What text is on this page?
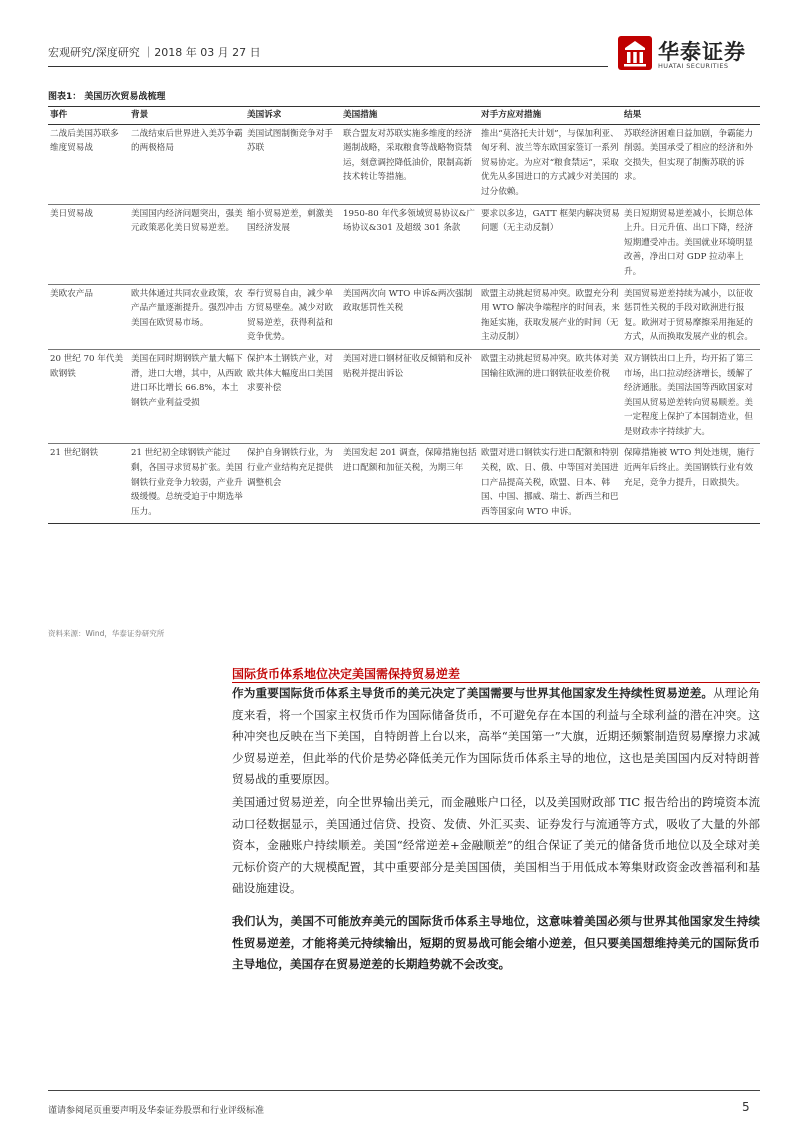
宏观研究/深度研究 ｜2018 年 03 月 27 日	华泰证券
HUATAI SECURITIES
图表1： 美国历次贸易战梳理
事件	背景	美国诉求	美国措施	对手方应对措施	结果
二战后美国苏联多维度贸易战	二战结束后世界进入美苏争霸的两极格局	美国试图制衡竞争对手苏联	联合盟友对苏联实施多维度的经济遏制战略，采取粮食等战略物资禁运，刻意调控降低油价，限制高新技术转让等措施。	推出“莫洛托夫计划”，与保加利亚、匈牙利、波兰等东欧国家签订一系列贸易协定。为应对“粮食禁运”，采取优先从多国进口的方式减少对美国的过分依赖。	苏联经济困难日益加剧，争霸能力削弱。美国承受了相应的经济和外交损失，但实现了制衡苏联的诉求。
美日贸易战	美国国内经济问题突出，强美元政策恶化美日贸易逆差。	缩小贸易逆差，刺激美国经济发展	1950-80 年代多领域贸易协议&广场协议&301 及超级 301 条款	要求以多边，GATT 框架内解决贸易问题（无主动反制）	美日短期贸易逆差减小，长期总体上升。日元升值、出口下降，经济短期遭受冲击。美国就业环境明显改善，净出口对 GDP 拉动率上升。
美欧农产品	欧共体通过共同农业政策，农产品产量逐渐提升。强烈冲击美国在欧贸易市场。	奉行贸易自由，减少单方贸易壁垒。减少对欧贸易逆差，获得利益和竞争优势。	美国两次向 WTO 申诉&两次强制政取惩罚性关税	欧盟主动挑起贸易冲突。欧盟充分利用 WTO 解决争端程序的时间表，来拖延实施，获取发展产业的时间（无主动反制）	美国贸易逆差持续为减小，以征收惩罚性关税的手段对欧洲进行报复。欧洲对于贸易摩擦采用拖延的方式，从而换取发展产业的机会。
20 世纪 70 年代美欧钢铁	美国在同时期钢铁产量大幅下滑，进口大增，其中，从西欧进口环比增长 66.8%，本土钢铁产业利益受损	保护本土钢铁产业，对欧共体大幅度出口美国求要补偿	美国对进口钢材征收反倾销和反补贴税并提出诉讼	欧盟主动挑起贸易冲突。欧共体对美国输往欧洲的进口钢铁征收差价税	双方钢铁出口上升，均开拓了第三市场，出口拉动经济增长，缓解了经济通胀。美国法国等西欧国家对美国从贸易逆差转向贸易顺差。美一定程度上保护了本国制造业，但是财政赤字持续扩大。
21 世纪钢铁	21 世纪初全球钢铁产能过剩，各国寻求贸易扩张。美国钢铁行业竞争力较弱，产业升级缓慢。总统受迫于中期选举压力。	保护自身钢铁行业，为行业产业结构充足提供调整机会	美国发起 201 调查，保障措施包括进口配额和加征关税，为期三年	欧盟对进口钢铁实行进口配额和特别关税，欧、日、俄、中等国对美国进口产品提高关税，欧盟、日本、韩国、中国、挪威、瑞士、新西兰和巴西等国家向 WTO 申诉。	保障措施被 WTO 判处违规，施行近两年后终止。美国钢铁行业有效充足，竞争力提升，日欧损失。
资料来源：Wind，华泰证券研究所
国际货币体系地位决定美国需保持贸易逆差
作为重要国际货币体系主导货币的美元决定了美国需要与世界其他国家发生持续性贸易逆差。从理论角度来看，将一个国家主权货币作为国际储备货币，不可避免存在本国的利益与全球利益的潜在冲突。这种冲突也反映在当下美国，自特朗普上台以来，高举“美国第一”大旗，近期还频繁制造贸易摩擦力求减少贸易逆差，但此举的代价是势必降低美元作为国际货币体系主导的地位，这也是美国国内反对特朗普贸易战的重要原因。
美国通过贸易逆差，向全世界输出美元，而金融账户口径，以及美国财政部 TIC 报告给出的跨境资本流动口径数据显示，美国通过信贷、投资、发债、外汇买卖、证券发行与流通等方式，吸收了大量的外部资本，金融账户持续顺差。美国“经常逆差+金融顺差”的组合保证了美元的储备货币地位以及全球对美元标价资产的大规模配置，其中重要部分是美国国债，美国相当于用低成本筹集财政资金改善福利和基础设施建设。
我们认为，美国不可能放弃美元的国际货币体系主导地位，这意味着美国必须与世界其他国家发生持续性贸易逆差，才能将美元持续输出，短期的贸易战可能会缩小逆差，但只要美国想维持美元的国际货币主导地位，美国存在贸易逆差的长期趋势就不会改变。
谨请参阅尾页重要声明及华泰证券股票和行业评级标准	5
